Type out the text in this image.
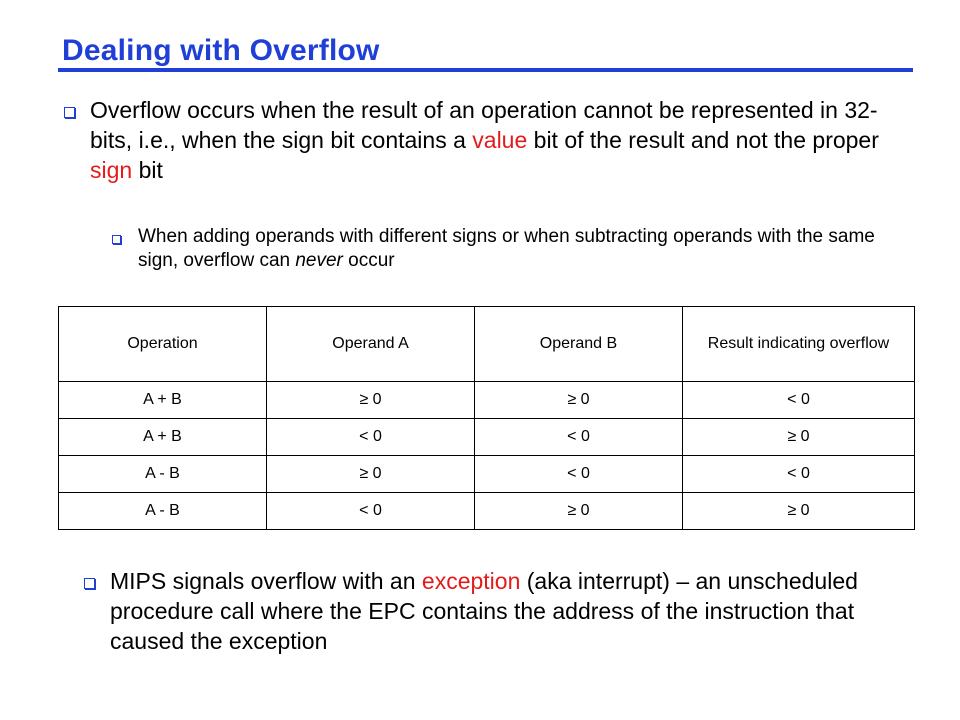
Dealing with Overflow
Overflow occurs when the result of an operation cannot be represented in 32-bits, i.e., when the sign bit contains a value bit of the result and not the proper sign bit
When adding operands with different signs or when subtracting operands with the same sign, overflow can never occur
Operation	Operand A	Operand B	Result indicating overflow
A + B	≥ 0	≥ 0	< 0
A + B	< 0	< 0	≥ 0
A - B	≥ 0	< 0	< 0
A - B	< 0	≥ 0	≥ 0
MIPS signals overflow with an exception (aka interrupt) – an unscheduled procedure call where the EPC contains the address of the instruction that caused the exception
